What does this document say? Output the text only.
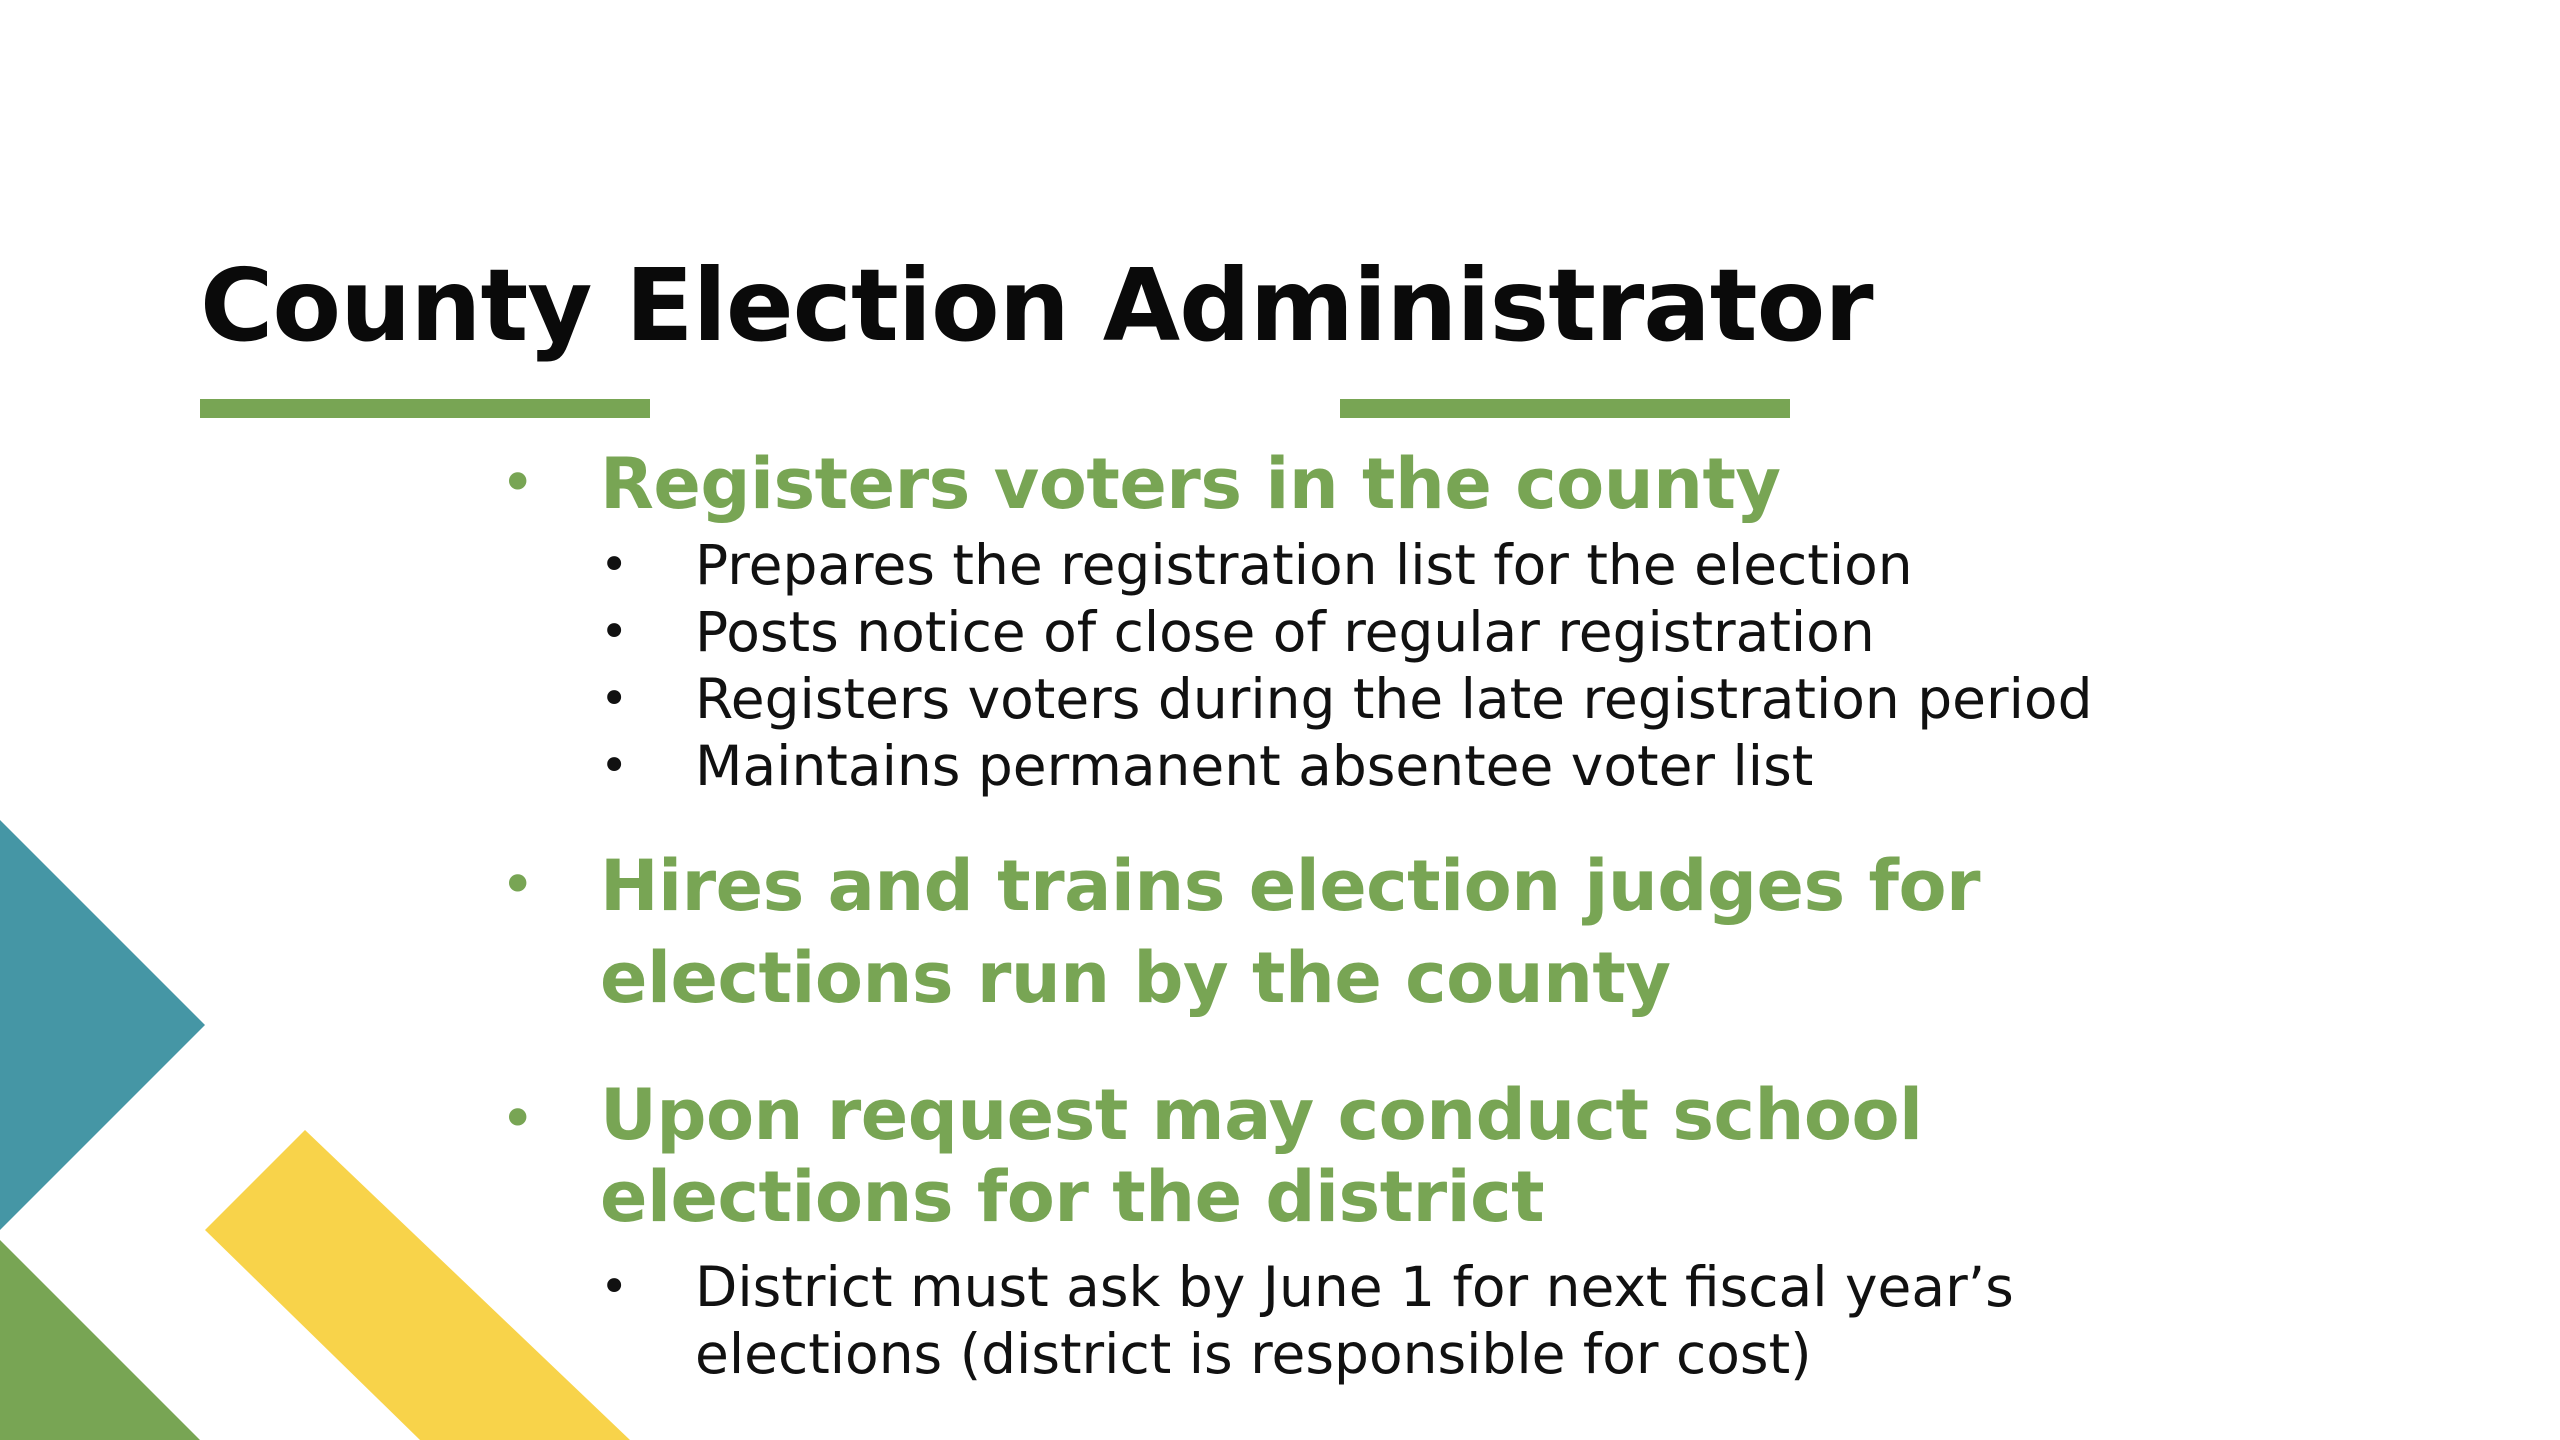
County Election Administrator
• Registers voters in the county

• Prepares the registration list for the election
• Posts notice of close of regular registration
• Registers voters during the late registration period
• Maintains permanent absentee voter list
• Hires and trains election judges for elections run by the county

• Upon request may conduct school elections for the district

• District must ask by June 1 for next fiscal year’s elections (district is responsible for cost)
